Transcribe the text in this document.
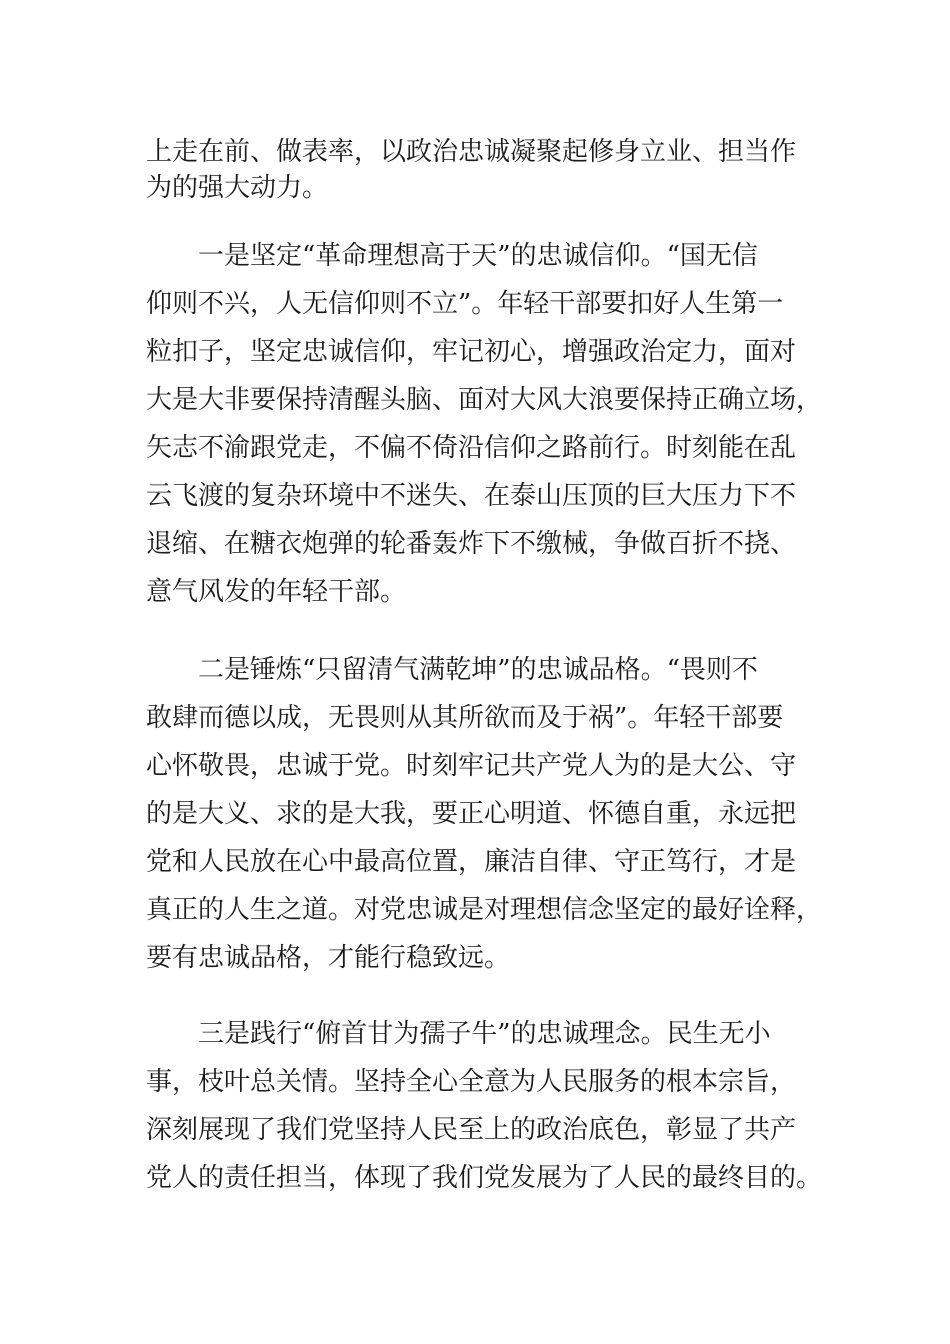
上走在前、做表率，以政治忠诚凝聚起修身立业、担当作
为的强大动力。
　　一是坚定“革命理想高于天”的忠诚信仰。“国无信
仰则不兴，人无信仰则不立”。年轻干部要扣好人生第一
粒扣子，坚定忠诚信仰，牢记初心，增强政治定力，面对
大是大非要保持清醒头脑、面对大风大浪要保持正确立场，
矢志不渝跟党走，不偏不倚沿信仰之路前行。时刻能在乱
云飞渡的复杂环境中不迷失、在泰山压顶的巨大压力下不
退缩、在糖衣炮弹的轮番轰炸下不缴械，争做百折不挠、
意气风发的年轻干部。
　　二是锤炼“只留清气满乾坤”的忠诚品格。“畏则不
敢肆而德以成，无畏则从其所欲而及于祸”。年轻干部要
心怀敬畏，忠诚于党。时刻牢记共产党人为的是大公、守
的是大义、求的是大我，要正心明道、怀德自重，永远把
党和人民放在心中最高位置，廉洁自律、守正笃行，才是
真正的人生之道。对党忠诚是对理想信念坚定的最好诠释，
要有忠诚品格，才能行稳致远。
　　三是践行“俯首甘为孺子牛”的忠诚理念。民生无小
事，枝叶总关情。坚持全心全意为人民服务的根本宗旨，
深刻展现了我们党坚持人民至上的政治底色，彰显了共产
党人的责任担当，体现了我们党发展为了人民的最终目的。
